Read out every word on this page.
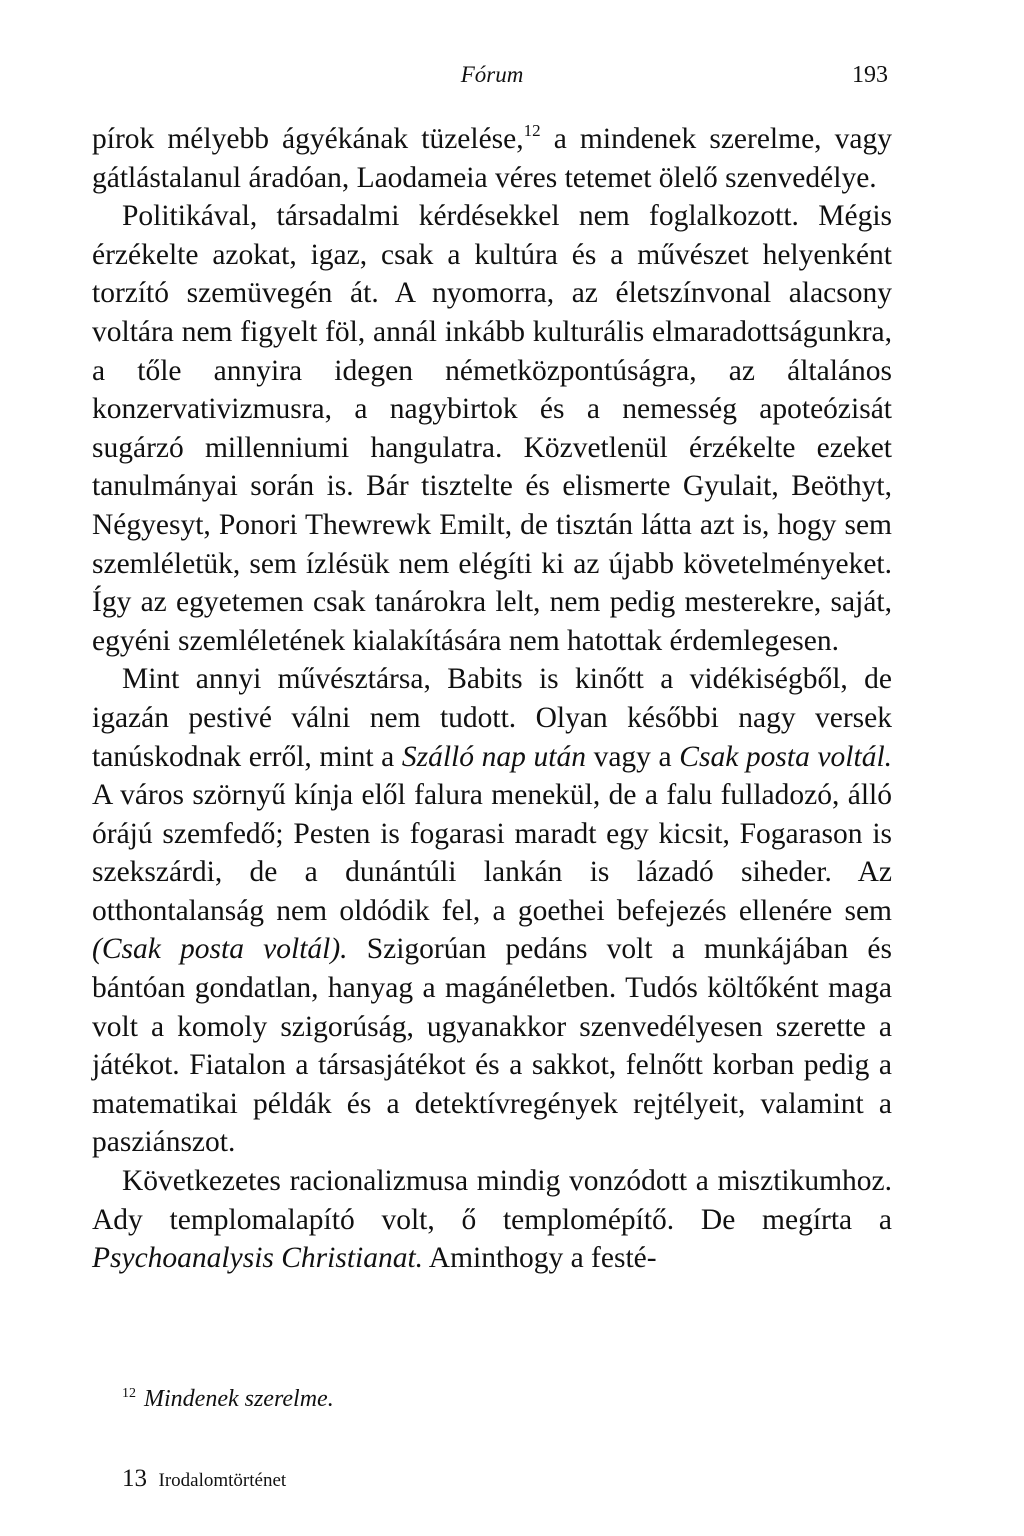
Fórum	193

pírok mélyebb ágyékának tüzelése,$^{12}$ a mindenek szerelme, vagy gátlástalanul áradóan, Laodameia véres tetemet ölelő szenvedélye.

Politikával, társadalmi kérdésekkel nem foglalkozott. Mégis érzékelte azokat, igaz, csak a kultúra és a művészet helyenként torzító szemüvegén át. A nyomorra, az életszínvonal alacsony voltára nem figyelt föl, annál inkább kulturális elmaradottságunkra, a tőle annyira idegen németközpontúságra, az általános konzervativizmusra, a nagybirtok és a nemesség apoteózisát sugárzó millenniumi hangulatra. Közvetlenül érzékelte ezeket tanulmányai során is. Bár tisztelte és elismerte Gyulait, Beöthyt, Négyesyt, Ponori Thewrewk Emilt, de tisztán látta azt is, hogy sem szemléletük, sem ízlésük nem elégíti ki az újabb követelményeket. Így az egyetemen csak tanárokra lelt, nem pedig mesterekre, saját, egyéni szemléletének kialakítására nem hatottak érdemlegesen.

Mint annyi művésztársa, Babits is kinőtt a vidékiségből, de igazán pestivé válni nem tudott. Olyan későbbi nagy versek tanúskodnak erről, mint a Szálló nap után vagy a Csak posta voltál. A város szörnyű kínja elől falura menekül, de a falu fulladozó, álló órájú szemfedő; Pesten is fogarasi maradt egy kicsit, Fogarason is szekszárdi, de a dunántúli lankán is lázadó siheder. Az otthontalanság nem oldódik fel, a goethei befejezés ellenére sem (Csak posta voltál). Szigorúan pedáns volt a munkájában és bántóan gondatlan, hanyag a magánéletben. Tudós költőként maga volt a komoly szigorúság, ugyanakkor szenvedélyesen szerette a játékot. Fiatalon a társasjátékot és a sakkot, felnőtt korban pedig a matematikai példák és a detektívregények rejtélyeit, valamint a pasziánszot.

Következetes racionalizmusa mindig vonzódott a misztikumhoz. Ady templomalapító volt, ő templomépítő. De megírta a Psychoanalysis Christianat. Aminthogy a festé-

$^{12}$ Mindenek szerelme.
13 Irodalomtörténet
